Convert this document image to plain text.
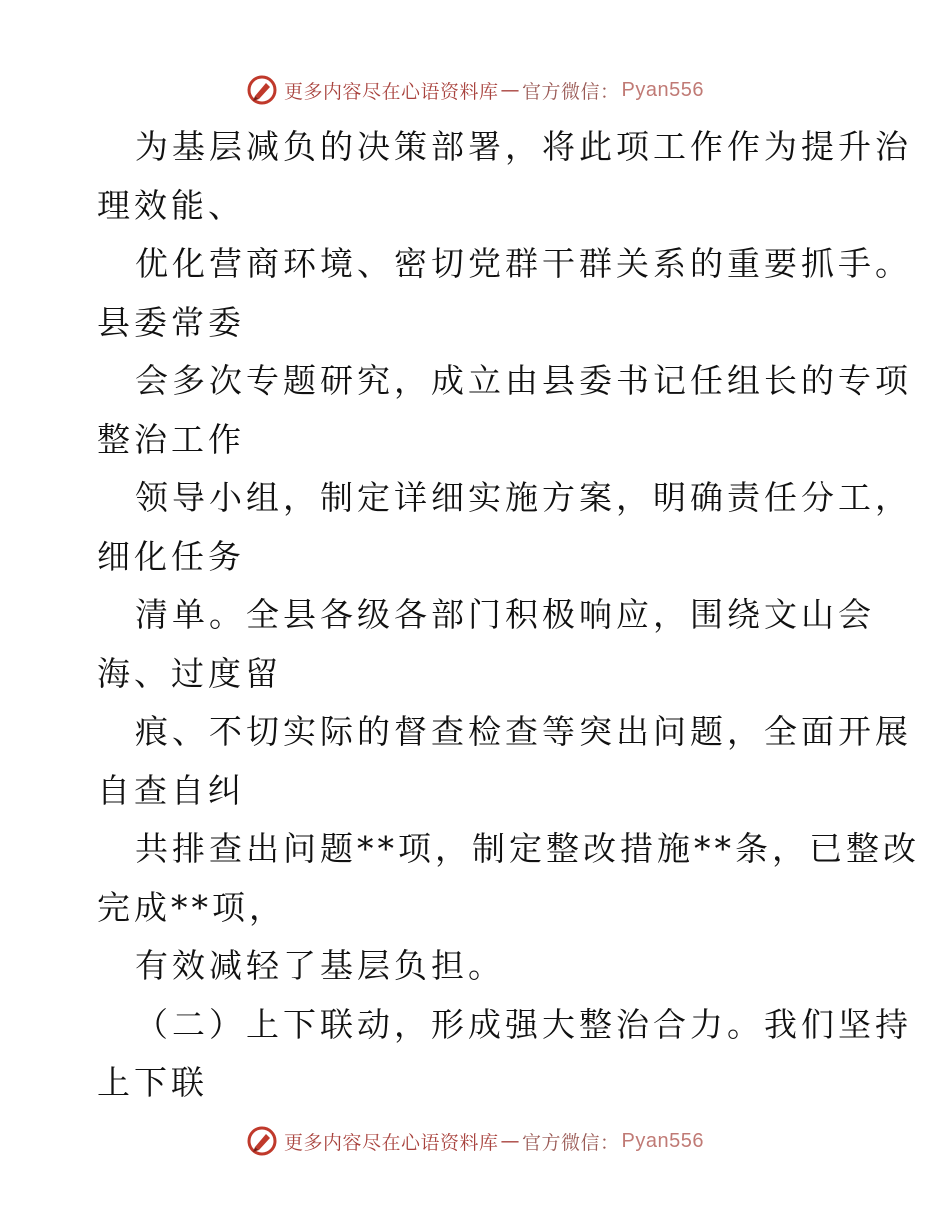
更多内容尽在心语资料库 — 官方微信： Pyan556
为基层减负的决策部署，将此项工作作为提升治
理效能、
优化营商环境、密切党群干群关系的重要抓手。
县委常委
会多次专题研究，成立由县委书记任组长的专项
整治工作
领导小组，制定详细实施方案，明确责任分工，
细化任务
清单。全县各级各部门积极响应，围绕文山会
海、过度留
痕、不切实际的督查检查等突出问题，全面开展
自查自纠
共排查出问题**项，制定整改措施**条，已整改
完成**项，
有效减轻了基层负担。
（二）上下联动，形成强大整治合力。我们坚持
上下联
更多内容尽在心语资料库 — 官方微信： Pyan556
